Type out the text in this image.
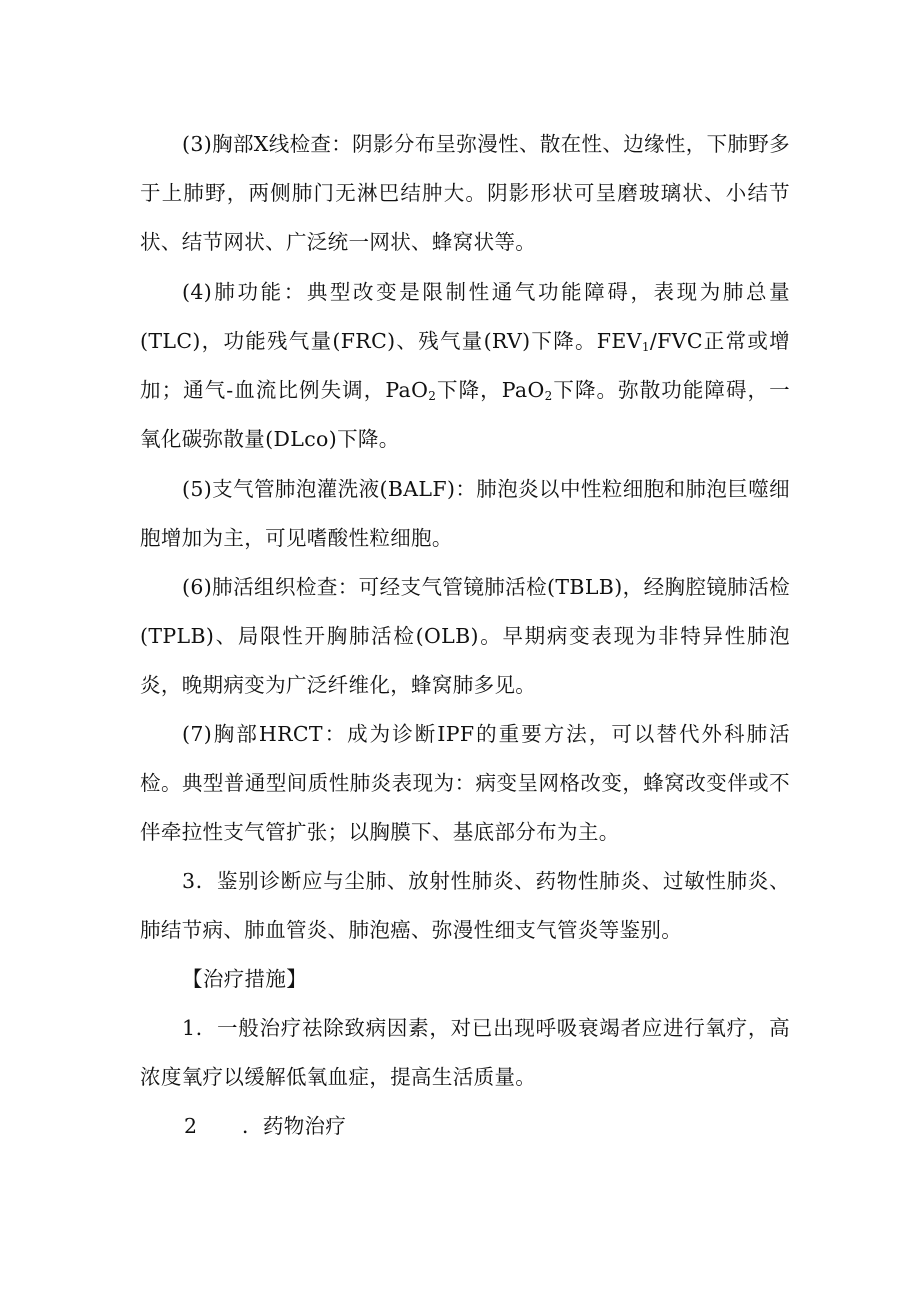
(3)胸部X线检查：阴影分布呈弥漫性、散在性、边缘性，下肺野多于上肺野，两侧肺门无淋巴结肿大。阴影形状可呈磨玻璃状、小结节状、结节网状、广泛统一网状、蜂窝状等。

(4)肺功能：典型改变是限制性通气功能障碍，表现为肺总量(TLC)，功能残气量(FRC)、残气量(RV)下降。$FEV_1$/FVC正常或增加；通气-血流比例失调，PaO$_2$下降，PaO$_2$下降。弥散功能障碍，一氧化碳弥散量(DLco)下降。

(5)支气管肺泡灌洗液(BALF)：肺泡炎以中性粒细胞和肺泡巨噬细胞增加为主，可见嗜酸性粒细胞。

(6)肺活组织检查：可经支气管镜肺活检(TBLB)，经胸腔镜肺活检(TPLB)、局限性开胸肺活检(OLB)。早期病变表现为非特异性肺泡炎，晚期病变为广泛纤维化，蜂窝肺多见。

(7)胸部HRCT：成为诊断IPF的重要方法，可以替代外科肺活检。典型普通型间质性肺炎表现为：病变呈网格改变，蜂窝改变伴或不伴牵拉性支气管扩张；以胸膜下、基底部分布为主。

3．鉴别诊断应与尘肺、放射性肺炎、药物性肺炎、过敏性肺炎、肺结节病、肺血管炎、肺泡癌、弥漫性细支气管炎等鉴别。

【治疗措施】

1．一般治疗祛除致病因素，对已出现呼吸衰竭者应进行氧疗，高浓度氧疗以缓解低氧血症，提高生活质量。

2 ．药物治疗
